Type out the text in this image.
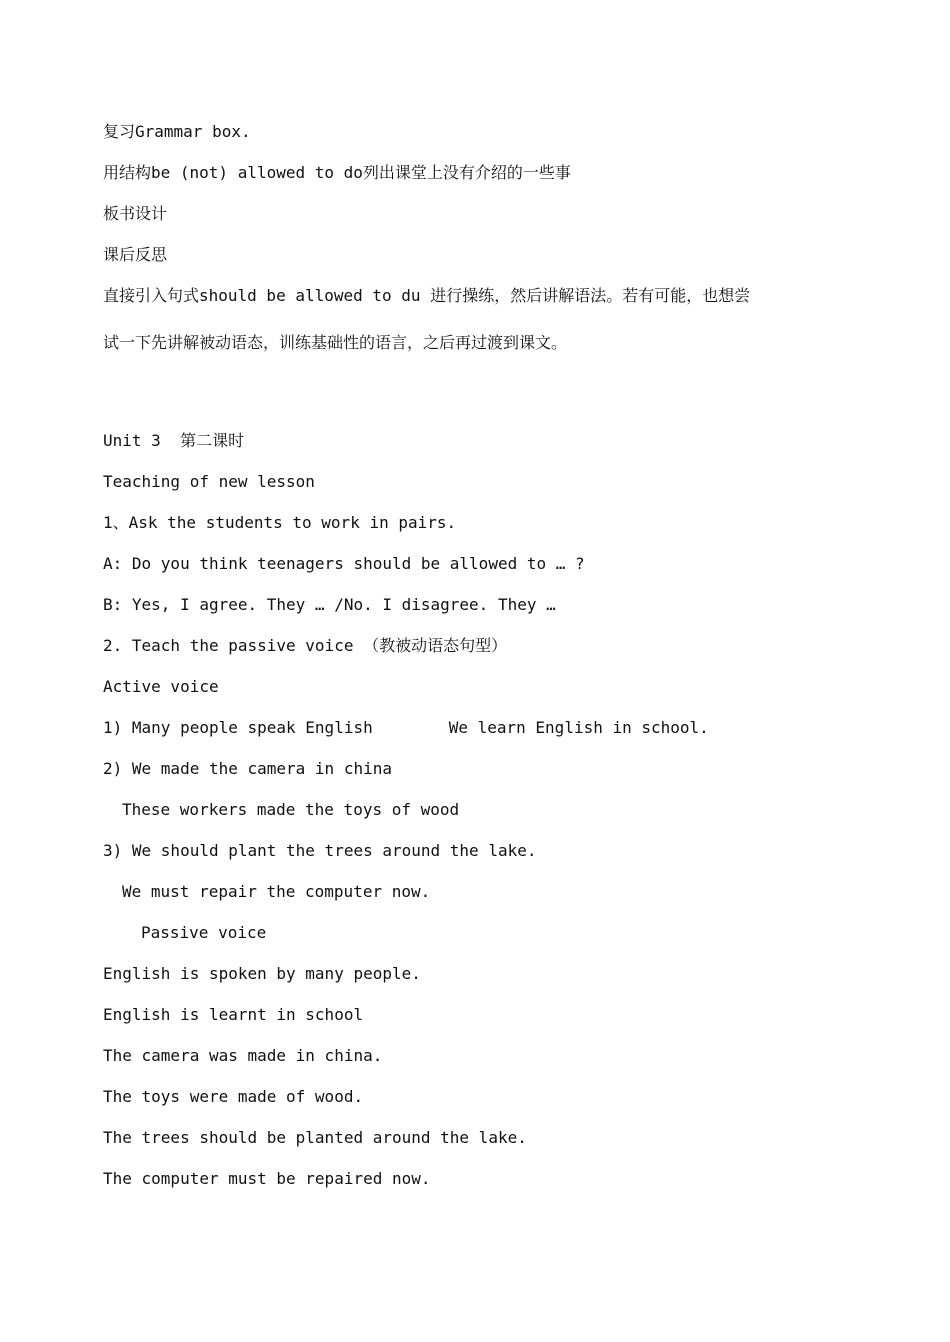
复习Grammar box.
用结构be (not) allowed to do列出课堂上没有介绍的一些事
板书设计
课后反思
直接引入句式should be allowed to du 进行操练，然后讲解语法。若有可能，也想尝
试一下先讲解被动语态，训练基础性的语言，之后再过渡到课文。
Unit 3  第二课时
Teaching of new lesson
1、Ask the students to work in pairs.
A: Do you think teenagers should be allowed to … ?
B: Yes, I agree. They … /No. I disagree. They …
2. Teach the passive voice （教被动语态句型）
Active voice
1) Many people speak English	We learn English in school.
2) We made the camera in china
These workers made the toys of wood
3) We should plant the trees around the lake.
We must repair the computer now.
Passive voice
English is spoken by many people.
English is learnt in school
The camera was made in china.
The toys were made of wood.
The trees should be planted around the lake.
The computer must be repaired now.
